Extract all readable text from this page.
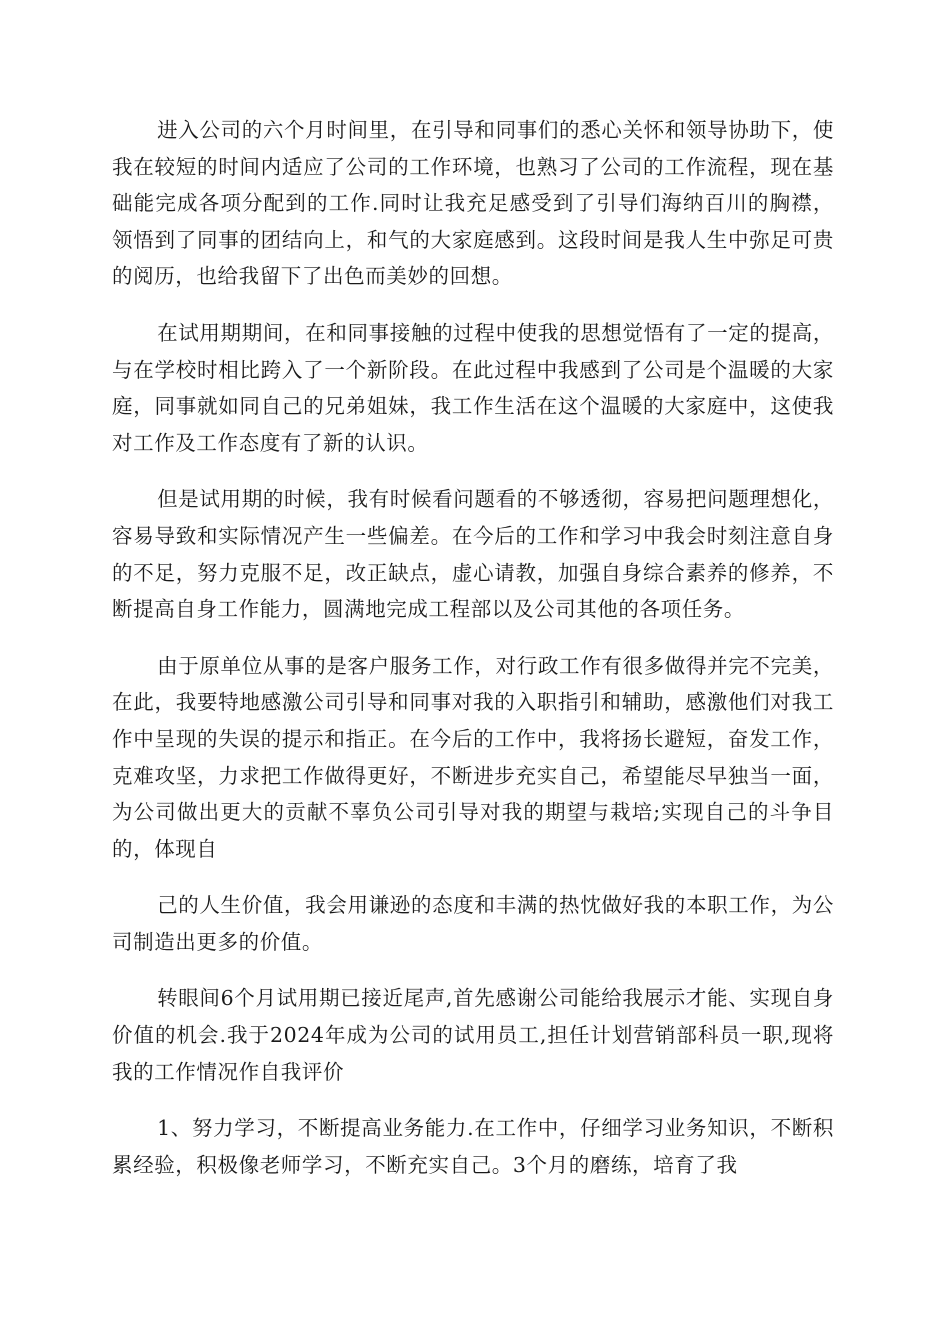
进入公司的六个月时间里，在引导和同事们的悉心关怀和领导协助下，使我在较短的时间内适应了公司的工作环境，也熟习了公司的工作流程，现在基础能完成各项分配到的工作.同时让我充足感受到了引导们海纳百川的胸襟，领悟到了同事的团结向上，和气的大家庭感到。这段时间是我人生中弥足可贵的阅历，也给我留下了出色而美妙的回想。

在试用期期间，在和同事接触的过程中使我的思想觉悟有了一定的提高，与在学校时相比跨入了一个新阶段。在此过程中我感到了公司是个温暖的大家庭，同事就如同自己的兄弟姐妹，我工作生活在这个温暖的大家庭中，这使我对工作及工作态度有了新的认识。

但是试用期的时候，我有时候看问题看的不够透彻，容易把问题理想化，容易导致和实际情况产生一些偏差。在今后的工作和学习中我会时刻注意自身的不足，努力克服不足，改正缺点，虚心请教，加强自身综合素养的修养，不断提高自身工作能力，圆满地完成工程部以及公司其他的各项任务。

由于原单位从事的是客户服务工作，对行政工作有很多做得并完不完美，在此，我要特地感激公司引导和同事对我的入职指引和辅助，感激他们对我工作中呈现的失误的提示和指正。在今后的工作中，我将扬长避短，奋发工作，克难攻坚，力求把工作做得更好，不断进步充实自己，希望能尽早独当一面，为公司做出更大的贡献不辜负公司引导对我的期望与栽培;实现自己的斗争目的，体现自

己的人生价值，我会用谦逊的态度和丰满的热忱做好我的本职工作，为公司制造出更多的价值。

转眼间6个月试用期已接近尾声,首先感谢公司能给我展示才能、实现自身价值的机会.我于2024年成为公司的试用员工,担任计划营销部科员一职,现将我的工作情况作自我评价

1、努力学习，不断提高业务能力.在工作中，仔细学习业务知识，不断积累经验，积极像老师学习，不断充实自己。3个月的磨练，培育了我
